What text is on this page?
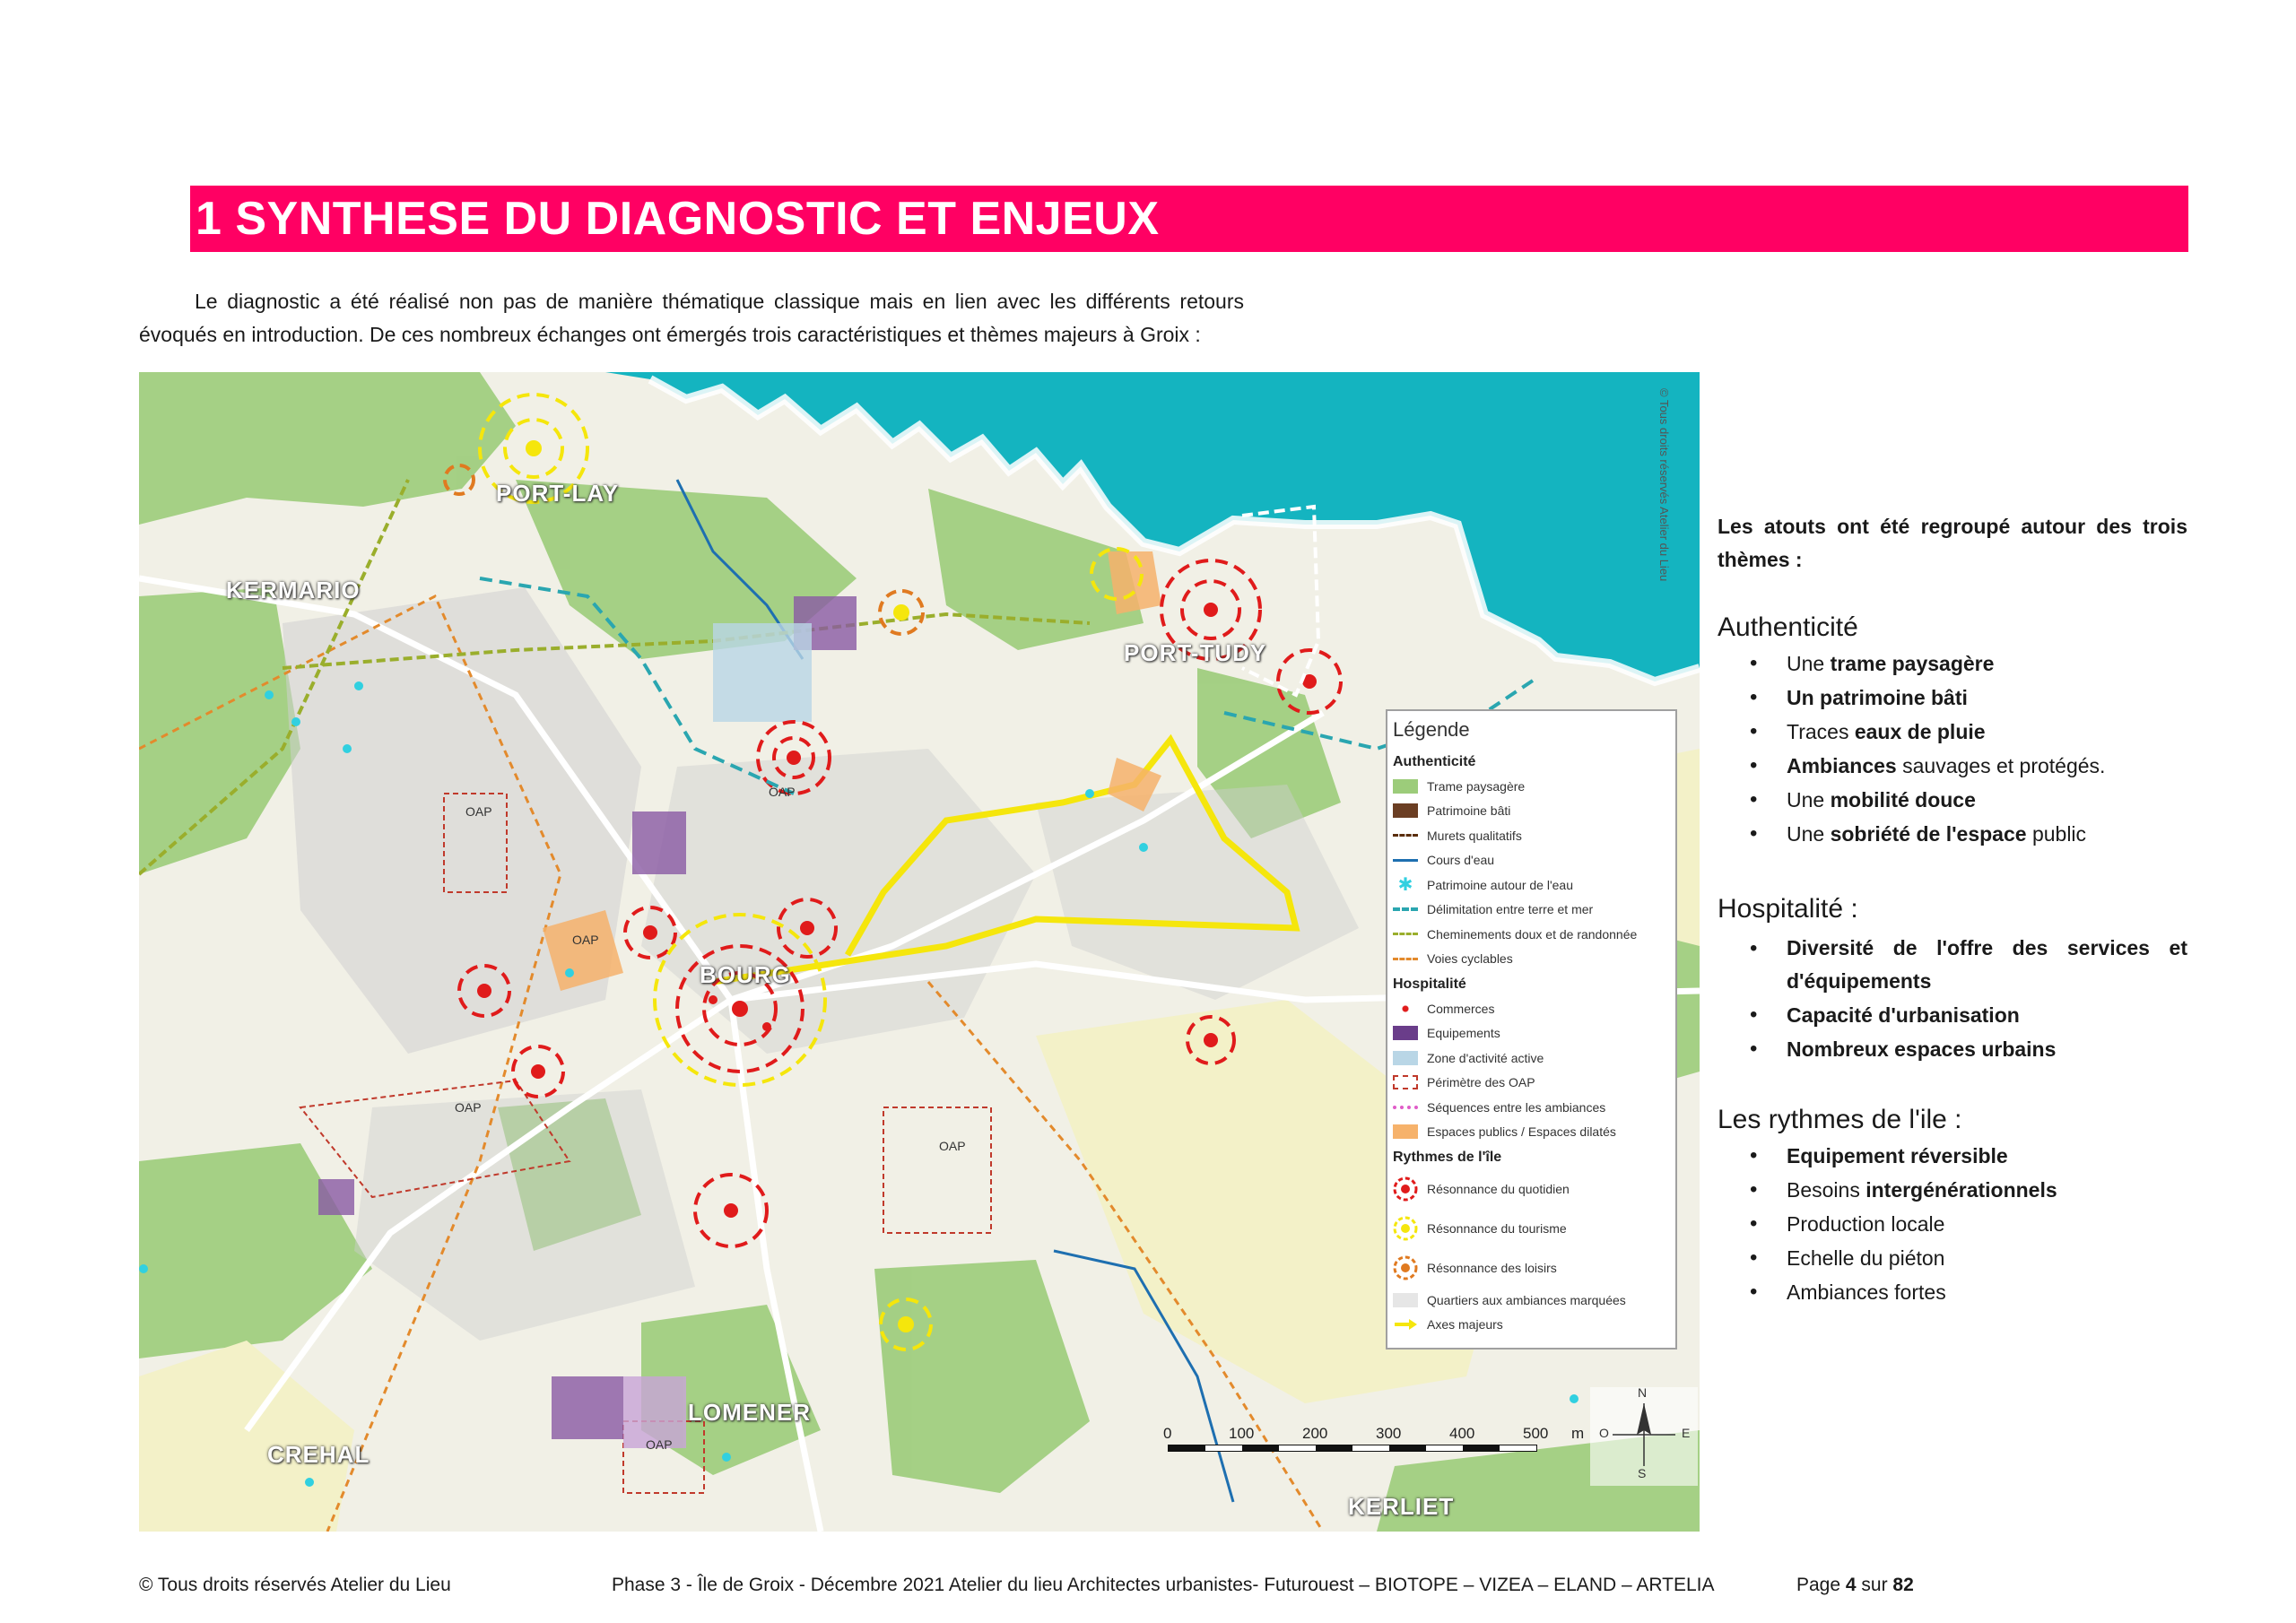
1 SYNTHESE DU DIAGNOSTIC ET ENJEUX
Le diagnostic a été réalisé non pas de manière thématique classique mais en lien avec les différents retours
évoqués en introduction. De ces nombreux échanges ont émergés trois caractéristiques et thèmes majeurs à Groix :
© Tous droits réservés Atelier du Lieu
PORT-LAY
KERMARIO
PORT-TUDY
BOURG
LOMENER
CREHAL
KERLIET
OAP
OAP
OAP
OAP
OAP
OAP
N
O	E
S
0	100	200	300	400	500 m
Légende
Authenticité
Trame paysagère
Patrimoine bâti
Murets qualitatifs
Cours d'eau
✱	Patrimoine autour de l'eau
Délimitation entre terre et mer
Cheminements doux et de randonnée
Voies cyclables
Hospitalité
Commerces
Equipements
Zone d'activité active
Périmètre des OAP
Séquences entre les ambiances
Espaces publics / Espaces dilatés
Rythmes de l'île
Résonnance du quotidien
Résonnance du tourisme
Résonnance des loisirs
Quartiers aux ambiances marquées
Axes majeurs
Les atouts ont été regroupé autour des trois
thèmes :
Authenticité
• Une trame paysagère
• Un patrimoine bâti
• Traces eaux de pluie
• Ambiances sauvages et protégés.
• Une mobilité douce
• Une sobriété de l'espace public
Hospitalité :
• Diversité de l'offre des services et d'équipements
• Capacité d'urbanisation
• Nombreux espaces urbains
Les rythmes de l'ile :
• Equipement réversible
• Besoins intergénérationnels
• Production locale
• Echelle du piéton
• Ambiances fortes
© Tous droits réservés Atelier du Lieu	Phase 3 - Île de Groix - Décembre 2021 Atelier du lieu Architectes urbanistes- Futurouest – BIOTOPE – VIZEA – ELAND – ARTELIA	Page 4 sur 82
